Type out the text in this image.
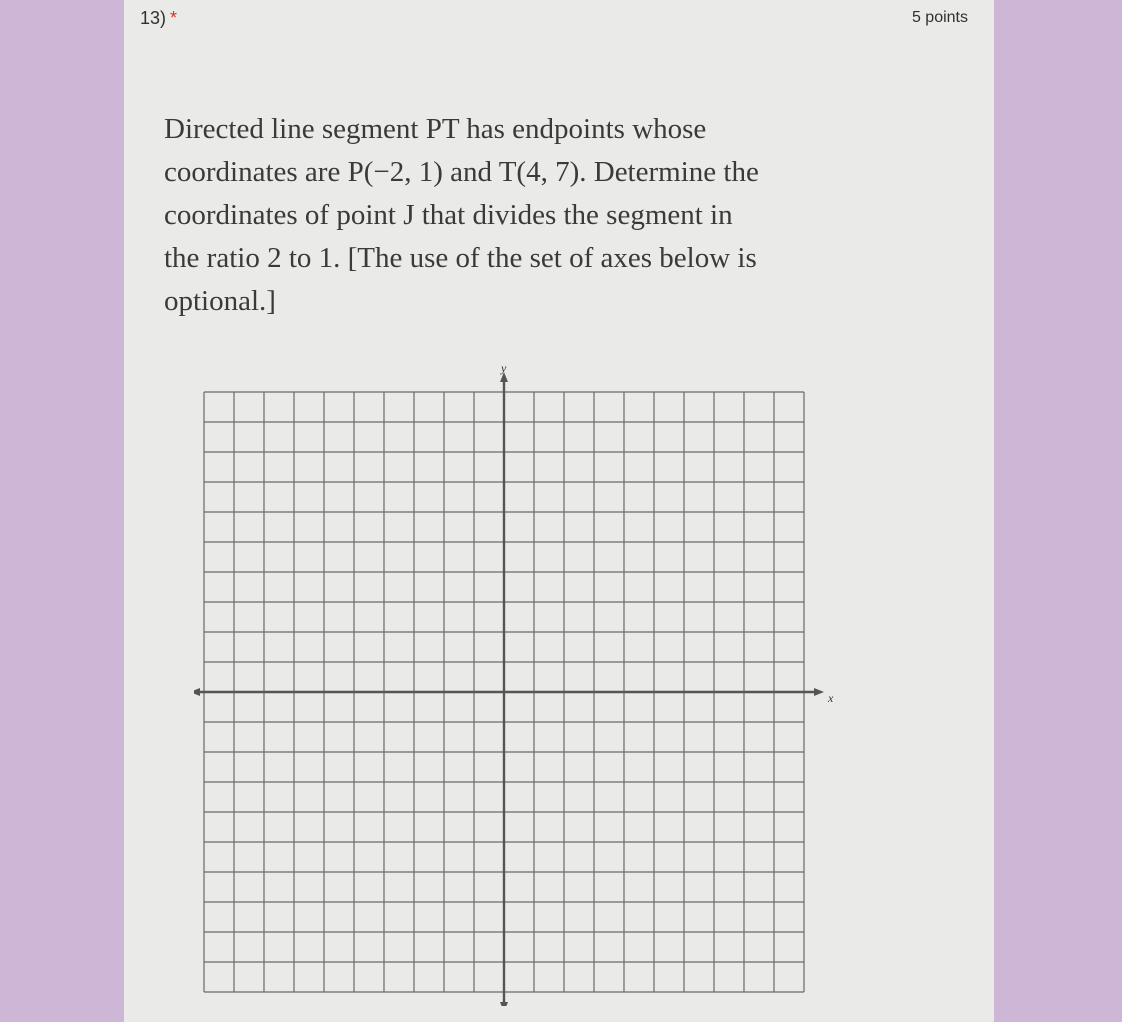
13) *	5 points

Directed line segment PT has endpoints whose

coordinates are P(−2, 1) and T(4, 7). Determine the

coordinates of point J that divides the segment in

the ratio 2 to 1. [The use of the set of axes below is

optional.]

x
y
